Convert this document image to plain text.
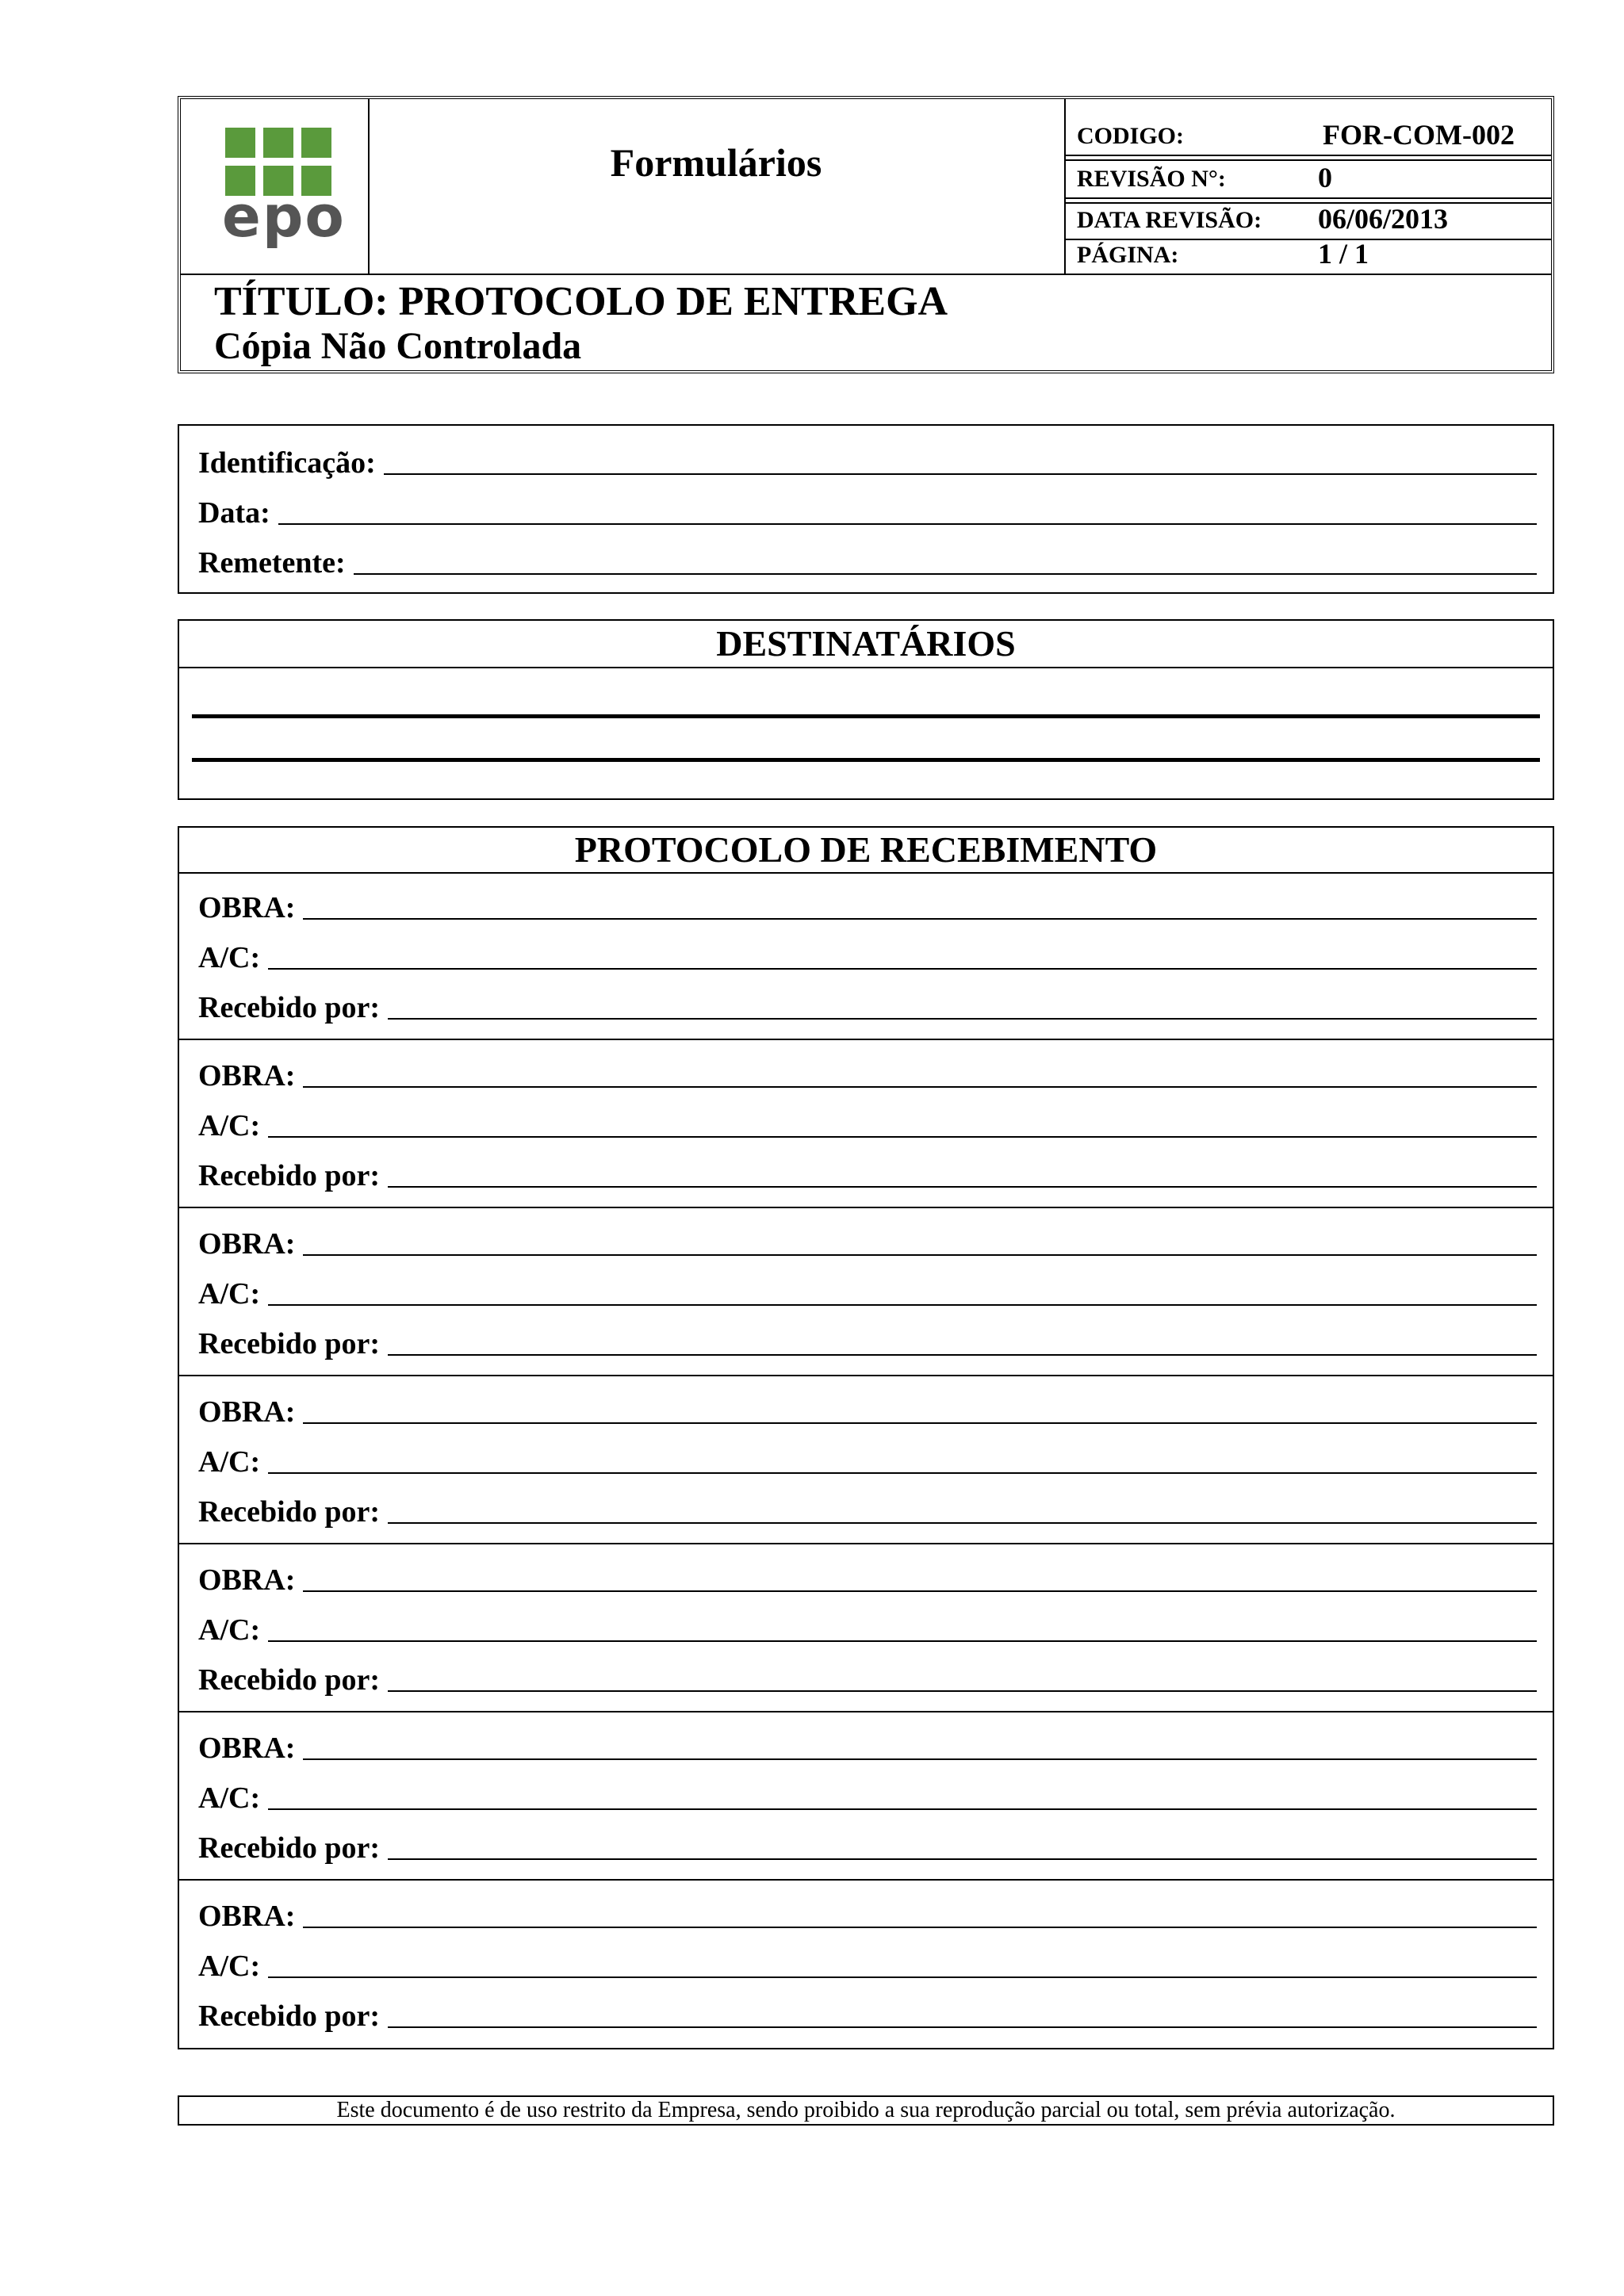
epo
Formulários
CODIGO:	FOR-COM-002
REVISÃO N°:	0
DATA REVISÃO: 06/06/2013
PÁGINA:	1 / 1
TÍTULO: PROTOCOLO DE ENTREGA
Cópia Não Controlada
Identificação:
Data:
Remetente:
DESTINATÁRIOS
PROTOCOLO DE RECEBIMENTO
OBRA:
A/C:
Recebido por:
OBRA:
A/C:
Recebido por:
OBRA:
A/C:
Recebido por:
OBRA:
A/C:
Recebido por:
OBRA:
A/C:
Recebido por:
OBRA:
A/C:
Recebido por:
OBRA:
A/C:
Recebido por:
Este documento é de uso restrito da Empresa, sendo proibido a sua reprodução parcial ou total, sem prévia autorização.
